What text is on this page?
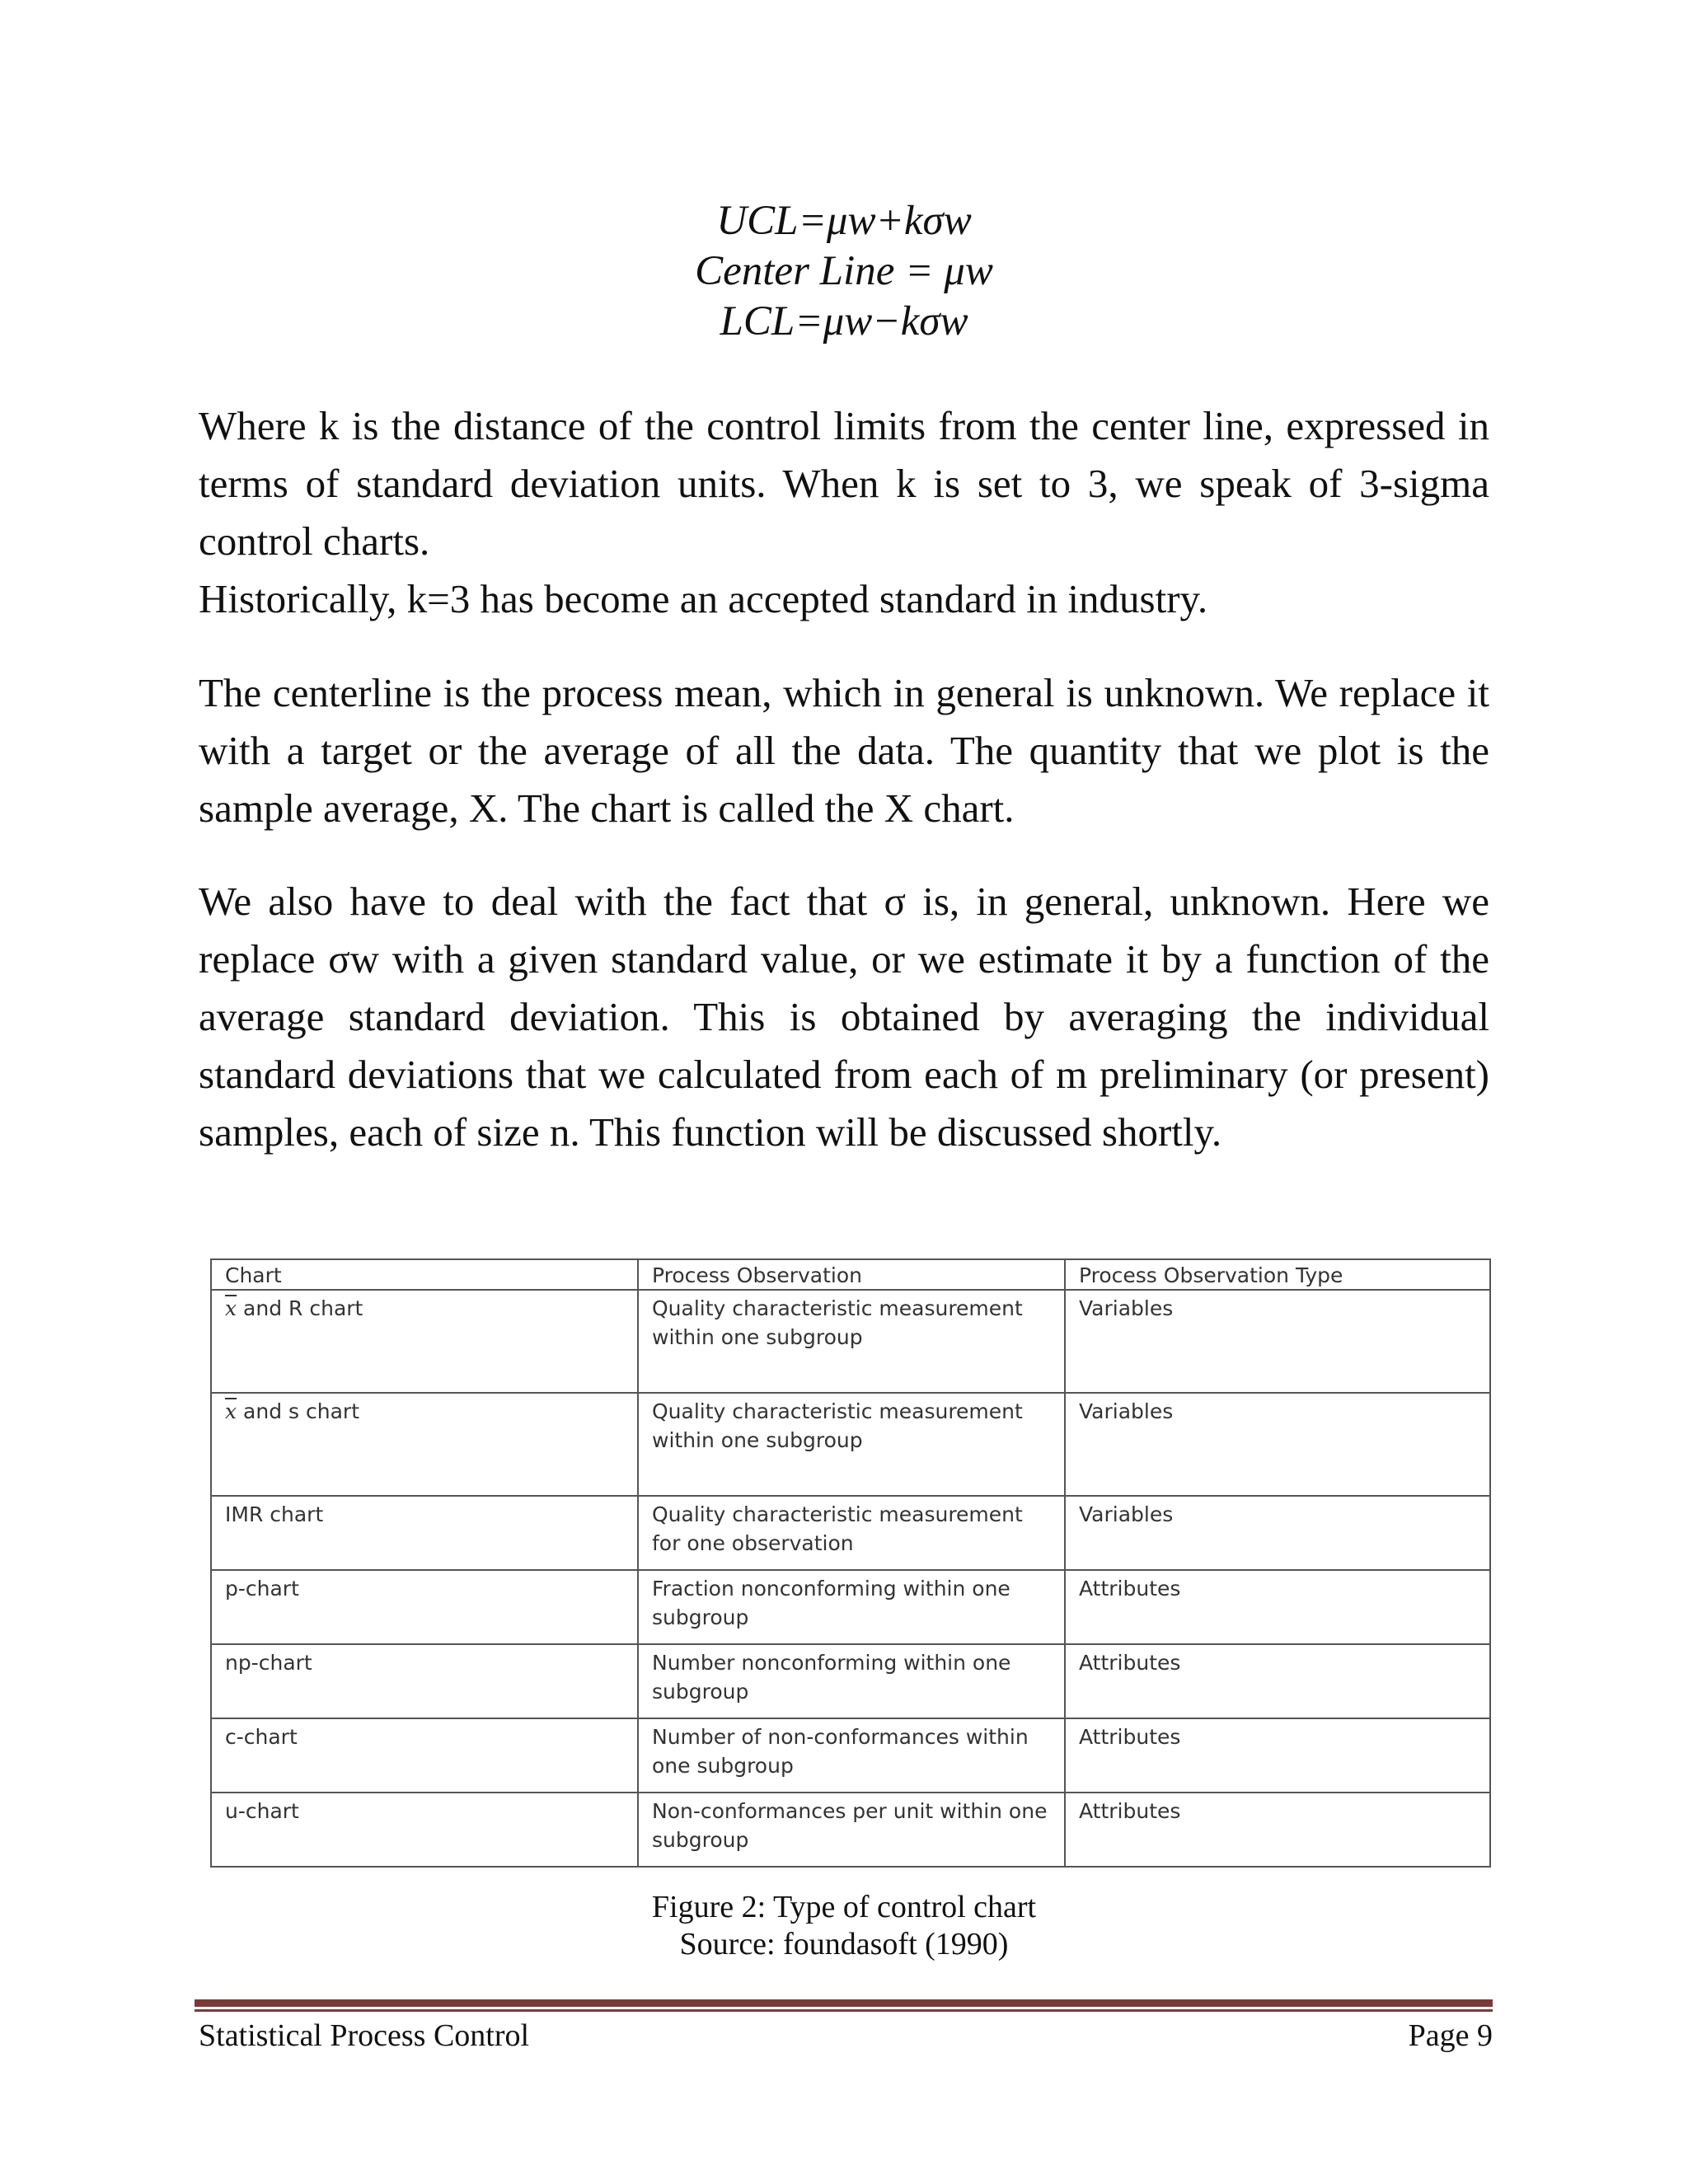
UCL=μw+kσw
Center Line = μw
LCL=μw−kσw

Where k is the distance of the control limits from the center line, expressed in terms of standard deviation units. When k is set to 3, we speak of 3-sigma control charts.

Historically, k=3 has become an accepted standard in industry.

The centerline is the process mean, which in general is unknown. We replace it with a target or the average of all the data. The quantity that we plot is the sample average, X. The chart is called the X chart.

We also have to deal with the fact that σ is, in general, unknown. Here we replace σw with a given standard value, or we estimate it by a function of the average standard deviation. This is obtained by averaging the individual standard deviations that we calculated from each of m preliminary (or present) samples, each of size n. This function will be discussed shortly.

Chart	Process Observation	Process Observation Type
$\overline{x}$ and R chart	Quality characteristic measurement within one subgroup	Variables
$\overline{x}$ and s chart	Quality characteristic measurement within one subgroup	Variables
IMR chart	Quality characteristic measurement for one observation	Variables
p-chart	Fraction nonconforming within one subgroup	Attributes
np-chart	Number nonconforming within one subgroup	Attributes
c-chart	Number of non-conformances within one subgroup	Attributes
u-chart	Non-conformances per unit within one subgroup	Attributes
Figure 2: Type of control chart
Source: foundasoft (1990)
Statistical Process Control	Page 9
